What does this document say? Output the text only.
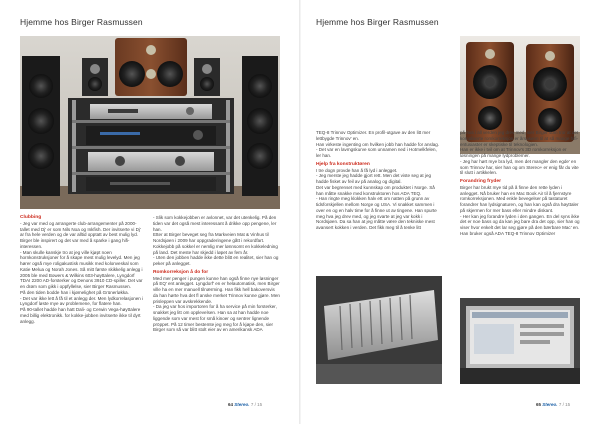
Hjemme hos Birger Rasmussen

Clubbing

- Jeg var med og arrangerte club-arrangementer på 2000-tallet med Dj' er som Nils Noa og Inkfish. Der invitserte vi Dj' ar fra hele verden og de var alltid opptatt av best mulig lyd.

Birger ble inspirert og det var med å sparke i gang hifi-interessen.

- Man skulle kanskje tro at jeg ville kjøpt noen hornkonstruksjoner for å skape mest mulig levelyd. Men jeg hører også mye roligakustisk musikk med kolonveskal som Katie Melua og Norah Jones. Så mitt første skikkelig anlegg i 2005 ble med Bowers & Wilkins 603-høyttalere, Lyngdorf TDAI 2200 AD-forsterker og Denons 3910 CD-spiller. Det var en drøm som gikk i oppfyllelse, sier Birger Rasmussen.

På den tiden bodde han i kjømelighet på Grünerløkka.

- Det var ikke lett å få til et anlegg der. Men lydkorrelasjonen i Lyngdorf løste mye av problemene, for flatere han.

På 90-tallet hadde han hatt Dali- og Cerwin Vega-høyttalere med billig elektronikk. for kokke-jobben invitserte ikke til dyrt anlegg.

- Slik som kokkejobben er avlonnet, var det utenkelig. På den tiden var det også mest interessant å drikke opp pengene, ler han.

Etter at Birger beveget seg fra Markveien Mat & Vinhus til Nordsjøen i 2009 har oppgraderingene gått i rekordfart. Kokkejobb på sokkel er nemlig mer lønnsomt en kokkeledning på land. Det meste har skjedd i løpet av fem år.

- Uten den jobben hadde ikke dette blitt en realitet, sier han og peker på anlegget.

Romkorreksjon å do for

Med mer penger i pungen kunne han også finne nye løsninger på EQ' ent anlegget. Lyngdorf' en er helautomatisk, men Birger ville ha en mer manuell tilnærming. Han fikk hell bakoversvis da han hørte hva det fl anske merket Trinnov kunne gjøre. Men prisleppen var avskrekkende.

- Da jeg var hos importoren for å ha service på min forsterker, snakket jeg litt om opplevelsen. Han sa at han hadde noe liggende som var mest for små kinoer og sentrer lignende pröppet. På 12 timer bestemte jeg meg for å kjøpe den, sier Birger som så var blitt stolt eier av en amerikansk ADA

64 Stereo. 7 / 15
Hjemme hos Birger Rasmussen

TEQ-8 Trinnov Optimizer. En profil-utgave av den litt mer lettbygde Trinnov' en.

Han virkeste ingenting om hvilken jobb han hadde for anslag.

- Det var en lavmgskurve som unnamen ned i Hotmelkfelen, ler han.

Hjelp fra konstruktøren

I tre dogn provde han å få lyd i anlegget.

- Jeg merste jeg hadde gjort rett. Men det viste seg at jeg hadde fisket av feil av på analog og digital.

Det var begrenset med kunnskap om produktet i Norge. Så han måtte snakke med konstruktoren hos ADA TEQ.

- Han ringte meg klokken halv ett om natten på grunn av tidsforskjellen mellom Norge og USA. Vi snakket sammen i over en og en halv time for å finne ut av tingene. Han spurte meg hva jeg drev med, og jeg svarte at jeg var kokk i Nordsjøen. Da sa han at jeg måtte være den tekniske mest avansert kokken i verden. Det fikk meg til å tenke litt

på hva i all verden jeg drev med, sier Birger som tror at det kompliserte romkorreksjon er årsakenn til at så mange hifi-entusiaster er skeptiske til teknologien.

Han er ikke i tvil om at Trinnov's 3D romkorreksjon er løsningen på mange lydproblemer.

- Jeg har hørt mye bra lyd, men det mangler den egde' en som Trinnov har, sier han og om Stereo+ er enig får du vite til slutt i artikkelen.

Forandring fryder

Birger har brukt mye tid på å finne den rette lyden i anlegget. Nå bruker han en Mac Book Air til å fjernstyre romkorreksjonen. Med enkle bevegelser på tastaturet forandrer han lydsignaturen, og han kan også dra høyttaler på skjermen for mer bass eller mindre diskant.

- Her kan jeg forandre lyden i den gangen. En del syns ikke det er noe bass og da kan jeg bare dra det opp, sier han og viser hvor enkelt det lar seg gjøre på den bærbare Mac' en.

Han bruker også ADA TEQ-8 Trinnov Optimizer

65 Stereo. 7 / 15
